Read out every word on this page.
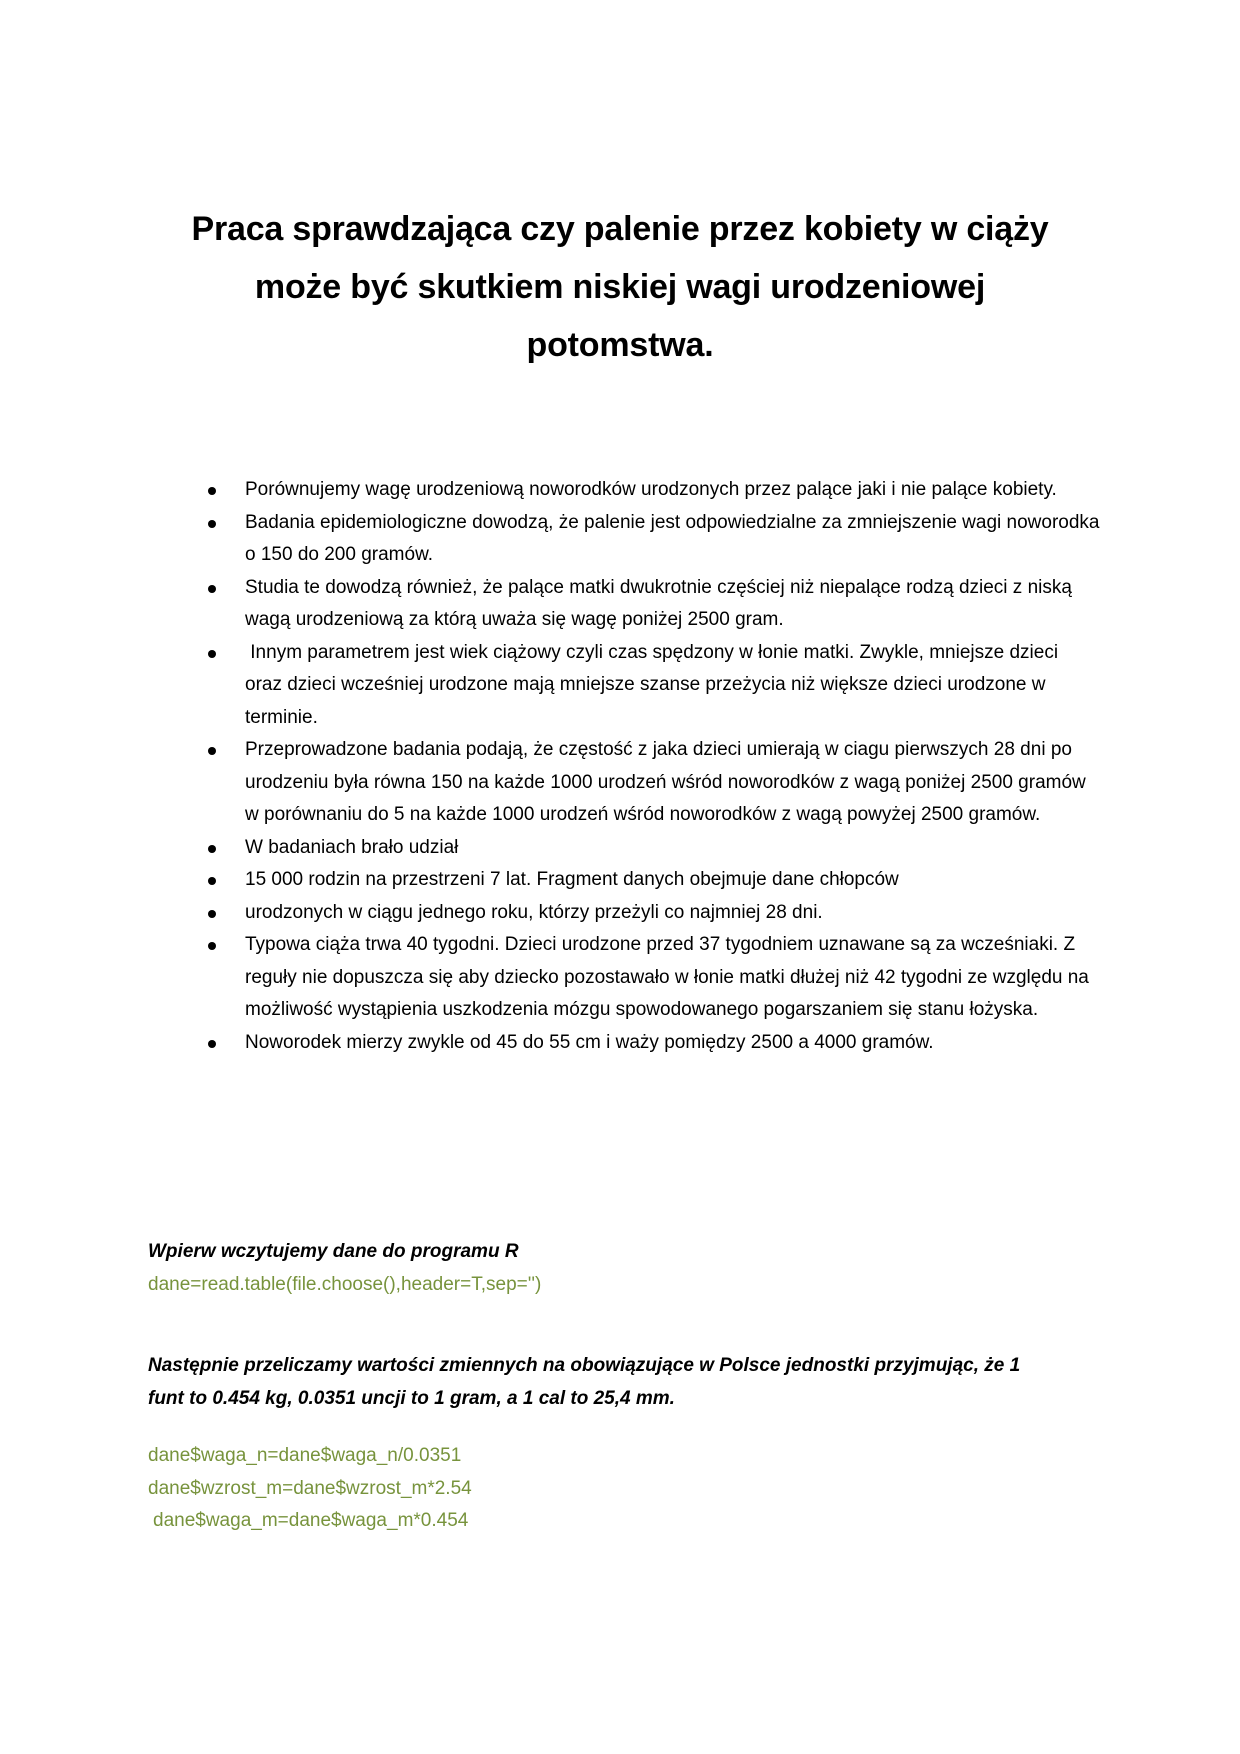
Praca sprawdzająca czy palenie przez kobiety w ciąży
może być skutkiem niskiej wagi urodzeniowej
potomstwa.
Porównujemy wagę urodzeniową noworodków urodzonych przez palące jaki i nie palące kobiety.
Badania epidemiologiczne dowodzą, że palenie jest odpowiedzialne za zmniejszenie wagi noworodka o 150 do 200 gramów.
Studia te dowodzą również, że palące matki dwukrotnie częściej niż niepalące rodzą dzieci z niską wagą urodzeniową za którą uważa się wagę poniżej 2500 gram.
Innym parametrem jest wiek ciążowy czyli czas spędzony w łonie matki. Zwykle, mniejsze dzieci oraz dzieci wcześniej urodzone mają mniejsze szanse przeżycia niż większe dzieci urodzone w terminie.
Przeprowadzone badania podają, że częstość z jaka dzieci umierają w ciagu pierwszych 28 dni po urodzeniu była równa 150 na każde 1000 urodzeń wśród noworodków z wagą poniżej 2500 gramów w porównaniu do 5 na każde 1000 urodzeń wśród noworodków z wagą powyżej 2500 gramów.
W badaniach brało udział
15 000 rodzin na przestrzeni 7 lat. Fragment danych obejmuje dane chłopców
urodzonych w ciągu jednego roku, którzy przeżyli co najmniej 28 dni.
Typowa ciąża trwa 40 tygodni. Dzieci urodzone przed 37 tygodniem uznawane są za wcześniaki. Z reguły nie dopuszcza się aby dziecko pozostawało w łonie matki dłużej niż 42 tygodni ze względu na możliwość wystąpienia uszkodzenia mózgu spowodowanego pogarszaniem się stanu łożyska.
Noworodek mierzy zwykle od 45 do 55 cm i waży pomiędzy 2500 a 4000 gramów.
Wpierw wczytujemy dane do programu R
dane=read.table(file.choose(),header=T,sep='')
Następnie przeliczamy wartości zmiennych na obowiązujące w Polsce jednostki przyjmując, że 1
funt to 0.454 kg, 0.0351 uncji to 1 gram, a 1 cal to 25,4 mm.
dane$waga_n=dane$waga_n/0.0351
dane$wzrost_m=dane$wzrost_m*2.54
dane$waga_m=dane$waga_m*0.454
